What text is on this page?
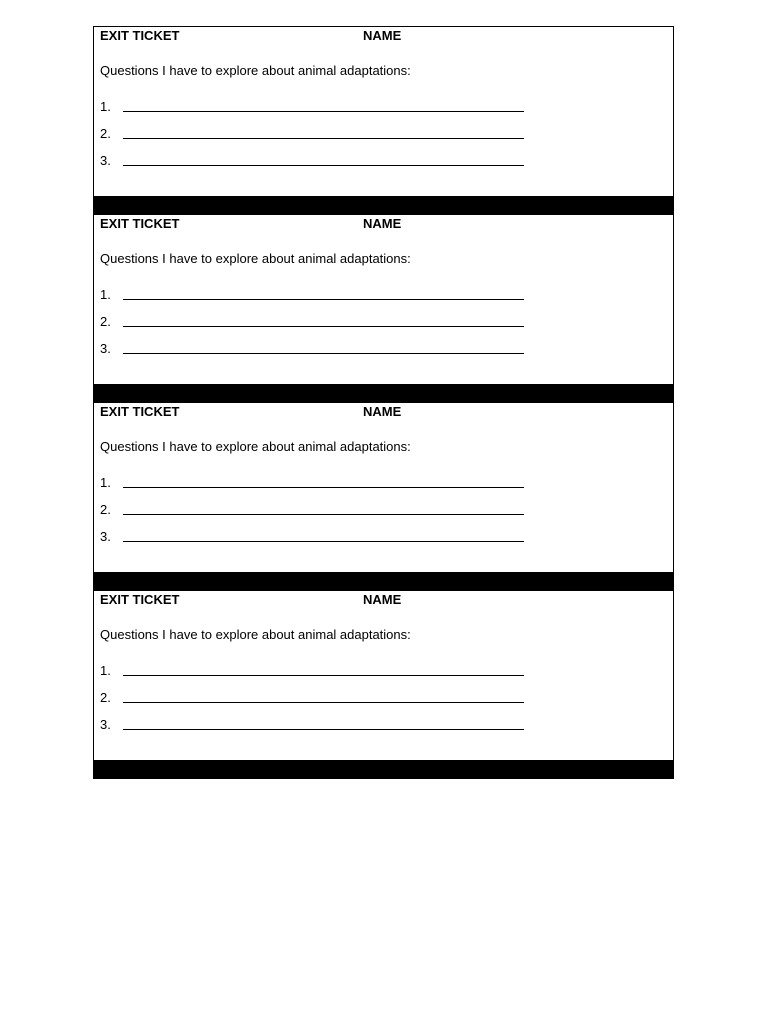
EXIT TICKET	NAME
Questions I have to explore about animal adaptations:
1.
2.
3.
EXIT TICKET	NAME
Questions I have to explore about animal adaptations:
1.
2.
3.
EXIT TICKET	NAME
Questions I have to explore about animal adaptations:
1.
2.
3.
EXIT TICKET	NAME
Questions I have to explore about animal adaptations:
1.
2.
3.
